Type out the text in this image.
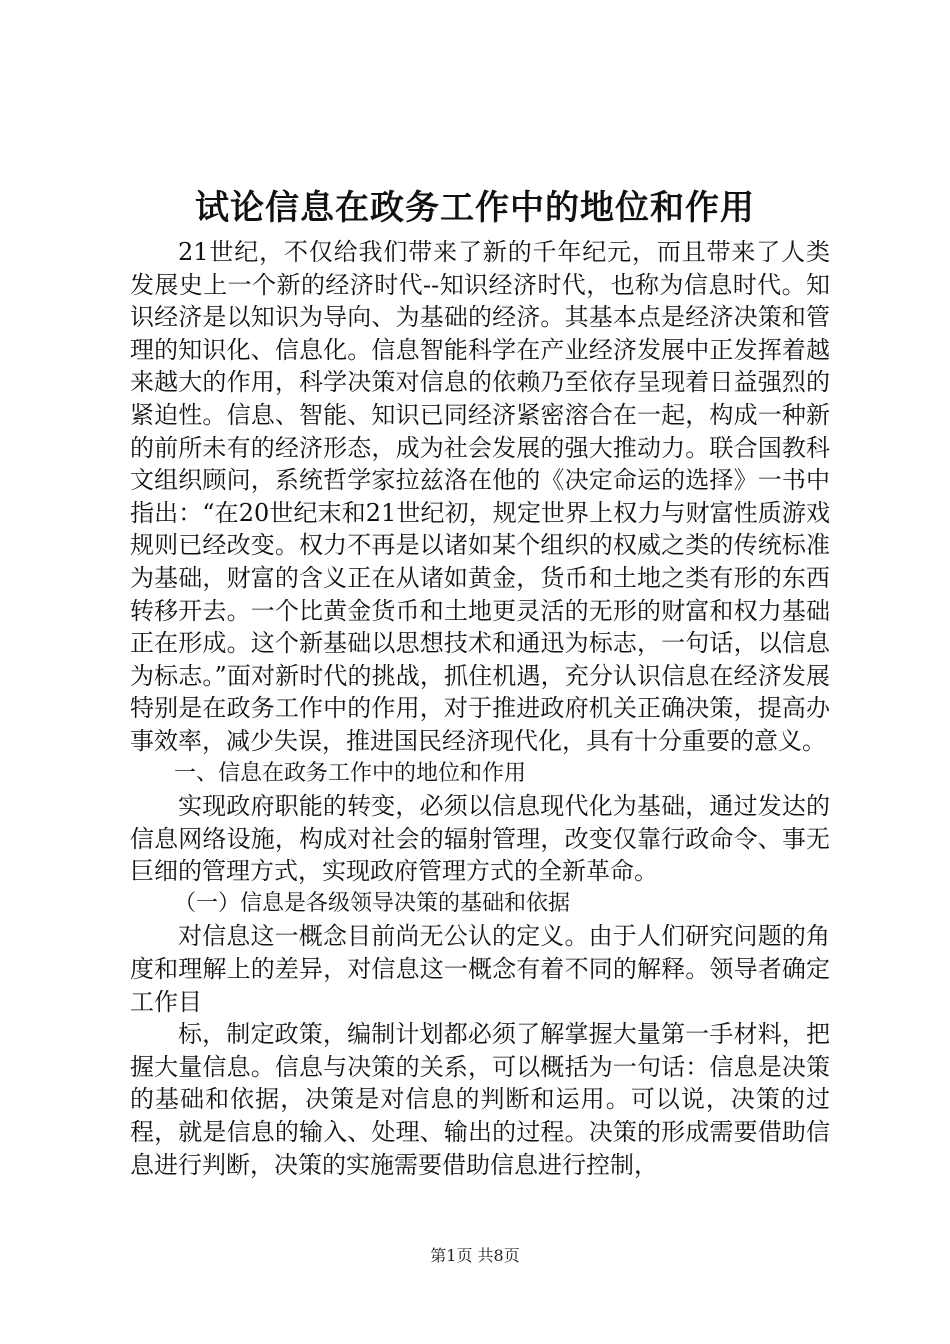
试论信息在政务工作中的地位和作用

21世纪，不仅给我们带来了新的千年纪元，而且带来了人类发展史上一个新的经济时代--知识经济时代，也称为信息时代。知识经济是以知识为导向、为基础的经济。其基本点是经济决策和管理的知识化、信息化。信息智能科学在产业经济发展中正发挥着越来越大的作用，科学决策对信息的依赖乃至依存呈现着日益强烈的紧迫性。信息、智能、知识已同经济紧密溶合在一起，构成一种新的前所未有的经济形态，成为社会发展的强大推动力。联合国教科文组织顾问，系统哲学家拉兹洛在他的《决定命运的选择》一书中指出：“在20世纪末和21世纪初，规定世界上权力与财富性质游戏规则已经改变。权力不再是以诸如某个组织的权威之类的传统标准为基础，财富的含义正在从诸如黄金，货币和土地之类有形的东西转移开去。一个比黄金货币和土地更灵活的无形的财富和权力基础正在形成。这个新基础以思想技术和通迅为标志，一句话，以信息为标志。”面对新时代的挑战，抓住机遇，充分认识信息在经济发展特别是在政务工作中的作用，对于推进政府机关正确决策，提高办事效率，减少失误，推进国民经济现代化，具有十分重要的意义。

一、信息在政务工作中的地位和作用

实现政府职能的转变，必须以信息现代化为基础，通过发达的信息网络设施，构成对社会的辐射管理，改变仅靠行政命令、事无巨细的管理方式，实现政府管理方式的全新革命。

（一）信息是各级领导决策的基础和依据

对信息这一概念目前尚无公认的定义。由于人们研究问题的角度和理解上的差异，对信息这一概念有着不同的解释。领导者确定工作目

标，制定政策，编制计划都必须了解掌握大量第一手材料，把握大量信息。信息与决策的关系，可以概括为一句话：信息是决策的基础和依据，决策是对信息的判断和运用。可以说，决策的过程，就是信息的输入、处理、输出的过程。决策的形成需要借助信息进行判断，决策的实施需要借助信息进行控制，

第1页 共8页
